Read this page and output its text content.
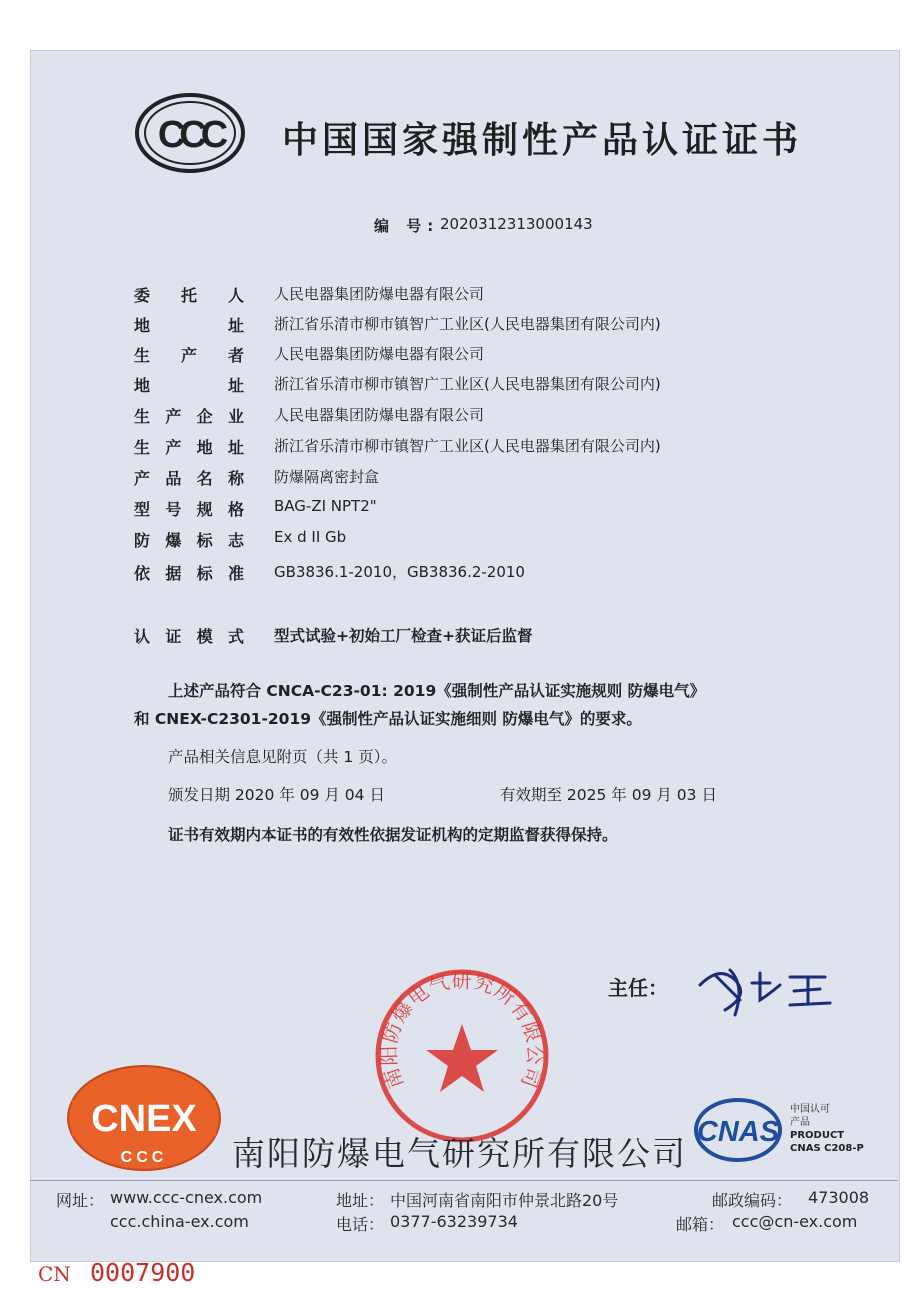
CCC 中国国家强制性产品认证证书
编 号: 2020312313000143
委 托 人 人民电器集团防爆电器有限公司
地 址 浙江省乐清市柳市镇智广工业区(人民电器集团有限公司内)
生 产 者 人民电器集团防爆电器有限公司
地 址 浙江省乐清市柳市镇智广工业区(人民电器集团有限公司内)
生 产 企 业 人民电器集团防爆电器有限公司
生 产 地 址 浙江省乐清市柳市镇智广工业区(人民电器集团有限公司内)
产 品 名 称 防爆隔离密封盒
型 号 规 格 BAG-ZI NPT2"
防 爆 标 志 Ex d II Gb
依 据 标 准 GB3836.1-2010，GB3836.2-2010
认 证 模 式 型式试验+初始工厂检查+获证后监督
上述产品符合 CNCA-C23-01: 2019《强制性产品认证实施规则 防爆电气》
和 CNEX-C2301-2019《强制性产品认证实施细则 防爆电气》的要求。
产品相关信息见附页（共 1 页）。
颁发日期 2020 年 09 月 04 日	有效期至 2025 年 09 月 03 日
证书有效期内本证书的有效性依据发证机构的定期监督获得保持。
主任：
南阳防爆电气研究所有限公司
CNEX
CCC 南阳防爆电气研究所有限公司
CNAS
中国认可
产品
PRODUCT
CNAS C208-P
网址： www.ccc-cnex.com
ccc.china-ex.com
地址： 中国河南省南阳市仲景北路20号
电话： 0377-63239734
邮政编码： 473008
邮箱： ccc@cn-ex.com
CN 0007900
